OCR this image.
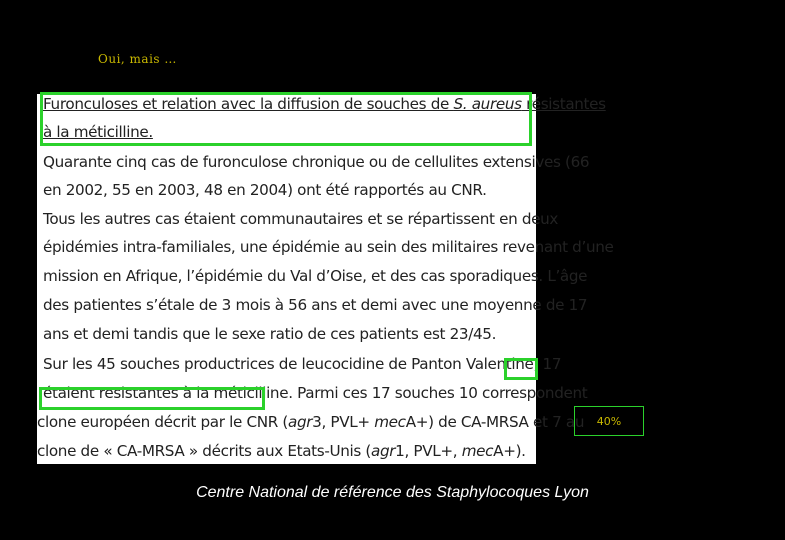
Oui, mais …
Furonculoses et relation avec la diffusion de souches de S. aureus résistantes
à la méticilline.
Quarante cinq cas de furonculose chronique ou de cellulites extensives (66
en 2002, 55 en 2003, 48 en 2004) ont été rapportés au CNR.
Tous les autres cas étaient communautaires et se répartissent en deux
épidémies intra-familiales, une épidémie au sein des militaires revenant d’une
mission en Afrique, l’épidémie du Val d’Oise, et des cas sporadiques. L’âge
des patientes s’étale de 3 mois à 56 ans et demi avec une moyenne de 17
ans et demi tandis que le sexe ratio de ces patients est 23/45.
Sur les 45 souches productrices de leucocidine de Panton Valentine, 17
étaient resistantes à la méticilline. Parmi ces 17 souches 10 correspondent
clone européen décrit par le CNR (agr3, PVL+ mecA+) de CA-MRSA et 7 au
clone de « CA-MRSA » décrits aux Etats-Unis (agr1, PVL+, mecA+).
40%
Centre National de référence des Staphylocoques Lyon
